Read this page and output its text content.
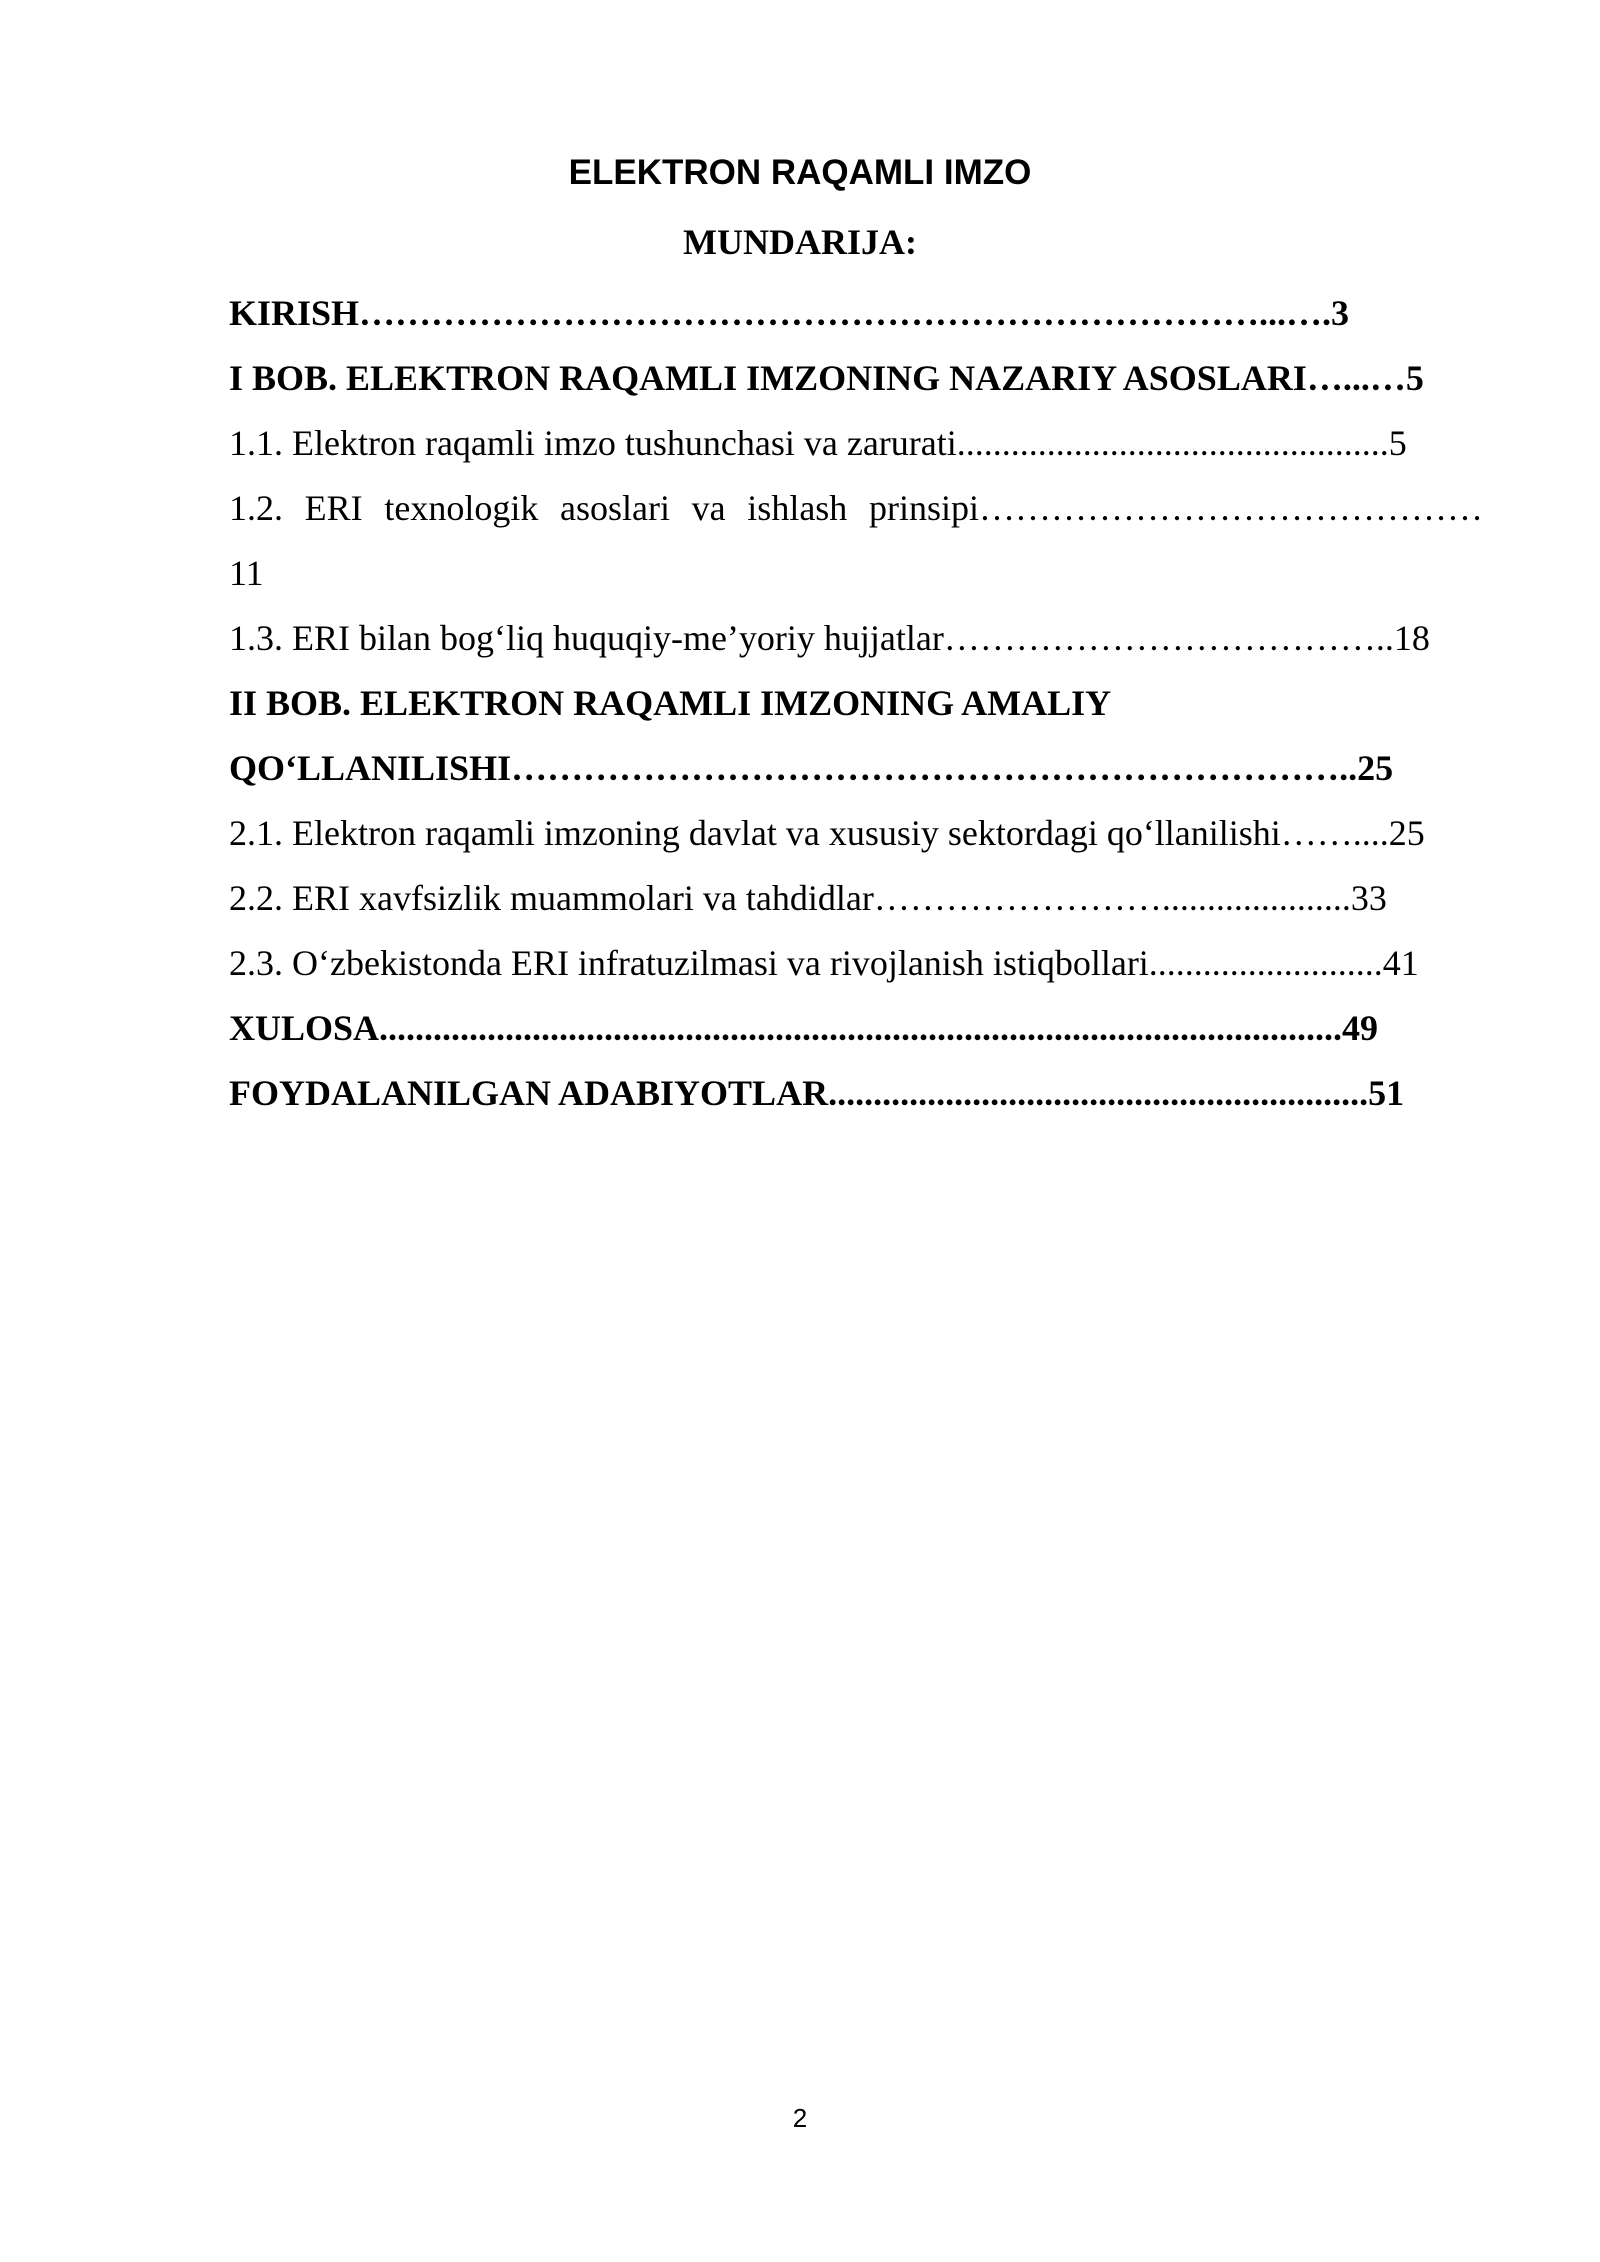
ELEKTRON RAQAMLI IMZO
MUNDARIJA:
KIRISH…………………………………………………………………...….3
I BOB. ELEKTRON RAQAMLI IMZONING NAZARIY ASOSLARI…...…5
1.1. Elektron raqamli imzo tushunchasi va zarurati................................................5
1.2. ERI texnologik asoslari va ishlash prinsipi……………………………………
11
1.3. ERI bilan bog‘liq huquqiy-me’yoriy hujjatlar………………………………..18
II BOB. ELEKTRON RAQAMLI IMZONING AMALIY
QO‘LLANILISHI……………………………………………………………..25
2.1. Elektron raqamli imzoning davlat va xususiy sektordagi qo‘llanilishi……....25
2.2. ERI xavfsizlik muammolari va tahdidlar…………………….....................33
2.3. O‘zbekistonda ERI infratuzilmasi va rivojlanish istiqbollari..........................41
XULOSA...........................................................................................................49
FOYDALANILGAN ADABIYOTLAR............................................................51
2
